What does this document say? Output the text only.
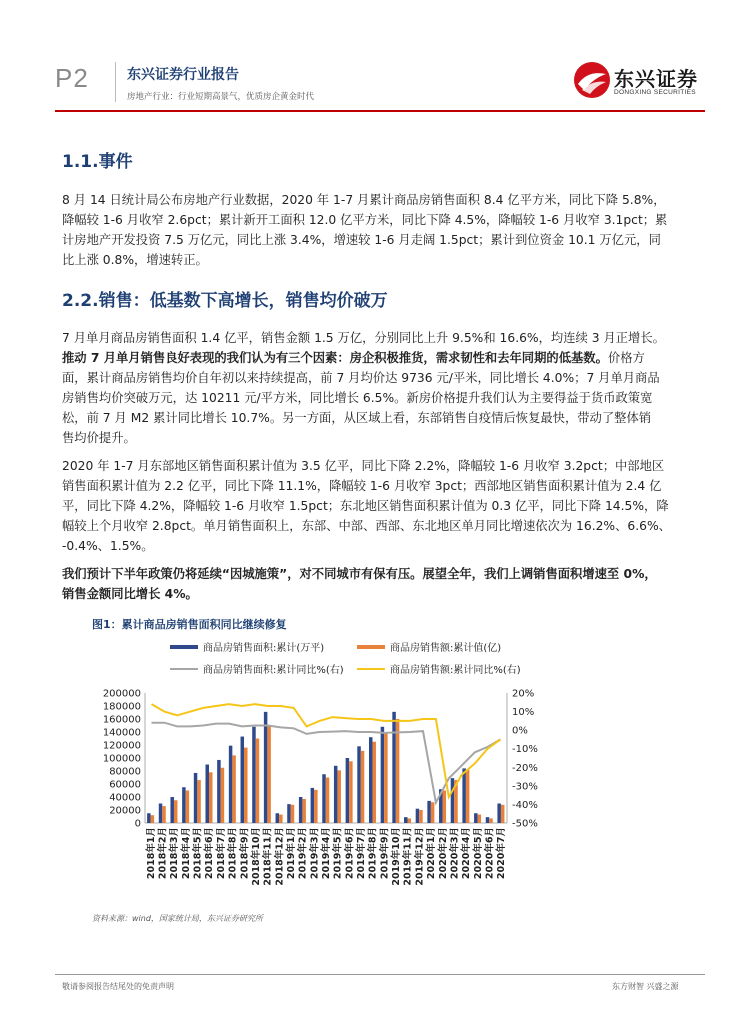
P2	东兴证券行业报告
房地产行业：行业短期高景气，优质房企黄金时代
东兴证券
DONGXING SECURITIES
1.1.事件
8 月 14 日统计局公布房地产行业数据，2020 年 1-7 月累计商品房销售面积 8.4 亿平方米，同比下降 5.8%，
降幅较 1-6 月收窄 2.6pct；累计新开工面积 12.0 亿平方米，同比下降 4.5%，降幅较 1-6 月收窄 3.1pct；累
计房地产开发投资 7.5 万亿元，同比上涨 3.4%，增速较 1-6 月走阔 1.5pct；累计到位资金 10.1 万亿元，同
比上涨 0.8%，增速转正。
2.2.销售：低基数下高增长，销售均价破万
7 月单月商品房销售面积 1.4 亿平，销售金额 1.5 万亿，分别同比上升 9.5%和 16.6%，均连续 3 月正增长。
推动 7 月单月销售良好表现的我们认为有三个因素：房企积极推货，需求韧性和去年同期的低基数。价格方
面，累计商品房销售均价自年初以来持续提高，前 7 月均价达 9736 元/平米，同比增长 4.0%；7 月单月商品
房销售均价突破万元，达 10211 元/平方米，同比增长 6.5%。新房价格提升我们认为主要得益于货币政策宽
松，前 7 月 M2 累计同比增长 10.7%。另一方面，从区域上看，东部销售自疫情后恢复最快，带动了整体销
售均价提升。
2020 年 1-7 月东部地区销售面积累计值为 3.5 亿平，同比下降 2.2%，降幅较 1-6 月收窄 3.2pct；中部地区
销售面积累计值为 2.2 亿平，同比下降 11.1%，降幅较 1-6 月收窄 3pct；西部地区销售面积累计值为 2.4 亿
平，同比下降 4.2%，降幅较 1-6 月收窄 1.5pct；东北地区销售面积累计值为 0.3 亿平，同比下降 14.5%，降
幅较上个月收窄 2.8pct。单月销售面积上，东部、中部、西部、东北地区单月同比增速依次为 16.2%、6.6%、
-0.4%、1.5%。
我们预计下半年政策仍将延续“因城施策”，对不同城市有保有压。展望全年，我们上调销售面积增速至 0%，
销售金额同比增长 4%。
图1：累计商品房销售面积同比继续修复
商品房销售面积:累计(万平)	商品房销售额:累计值(亿)
商品房销售面积:累计同比%(右)	商品房销售额:累计同比%(右)
200000
180000
160000
140000
120000
100000
80000
60000
40000
20000
0
20%
10%
0%
-10%
-20%
-30%
-40%
-50%
2018年1月 2018年2月 2018年3月 2018年4月 2018年5月 2018年6月 2018年7月 2018年8月 2018年9月 2018年10月 2018年11月 2018年12月 2019年1月 2019年2月 2019年3月 2019年4月 2019年5月 2019年6月 2019年7月 2019年8月 2019年9月 2019年10月 2019年11月 2019年12月 2020年1月 2020年2月 2020年3月 2020年4月 2020年5月 2020年6月 2020年7月
资料来源：wind，国家统计局，东兴证券研究所
敬请参阅报告结尾处的免责声明	东方财智 兴盛之源
